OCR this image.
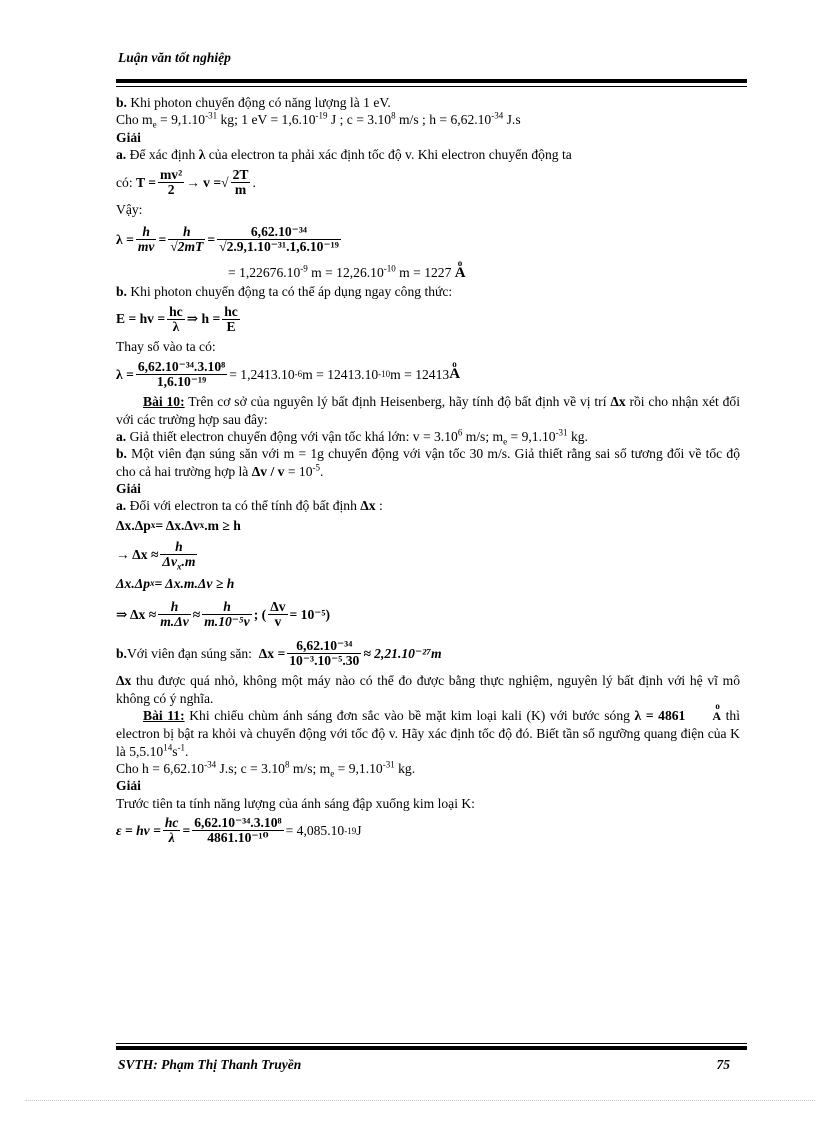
Luận văn tốt nghiệp

b. Khi photon chuyển động có năng lượng là 1 eV.

Cho $m_e = 9,1.10^{-31}$ kg; 1 eV = $1,6.10^{-19}$ J ; $c = 3.10^8$ m/s ; $h = 6,62.10^{-34}$ J.s

Giải

a. Để xác định λ của electron ta phải xác định tốc độ v. Khi electron chuyển động ta

có:
$T = \frac{\text{mv²}}{2} \to v$ = √ $\frac{2T}{m}$ .

Vậy:

$\lambda = \frac{h}{mv} = \frac{h}{√2mT} = \frac{\text{6,62.10⁻³⁴}}{\text{√2.9,1.10⁻³¹.1,6.10⁻¹⁹}}$

= $1,22676.10^{-9}$ $m = 12,26.10^{-10}$ m = 1227 o A

b. Khi photon chuyển động ta có thể áp dụng ngay công thức:

E = hv = $\frac{hc}{\lambda}$ ⇒ $h = \frac{hc}{E}$

Thay số vào ta có:

$\lambda = \frac{\text{6,62.10⁻³⁴.3.10⁸}}{\text{1,6.10⁻¹⁹}} = 1,2413.10$ -6 m = 12413.10 -10 m = 12413 o A

Bài 10: Trên cơ sở của nguyên lý bất định Heisenberg, hãy tính độ bất định về vị trí Δx rồi cho nhận xét đối với các trường hợp sau đây:

a. Giả thiết electron chuyển động với vận tốc khá lớn: $v = 3.10^6$ m/s; $m_e = 9,1.10^{-31}$ kg.

b. Một viên đạn súng săn với m = 1g chuyển động với vận tốc 30 m/s. Giả thiết rằng sai số tương đối về tốc độ cho cả hai trường hợp là $\Delta v / v = 10^{-5}$.

Giải

a. Đối với electron ta có thể tính độ bất định Δx :

Δx.Δp x = Δx.Δv x .m ≥ h
→ $\Delta x \approx \frac{h}{\Delta v_x.m}$
Δx.Δp x = Δx.m.Δv ≥ h
⇒ $\Delta x \approx \frac{h}{m.\Delta v} \approx \frac{h}{\text{m.10⁻⁵v}}$ ; ( $\frac{\Delta v}{v} = 10^{-5}$)
b. Với viên đạn súng săn:
$\Delta x = \frac{\text{6,62.10⁻³⁴}}{\text{10⁻³.10⁻⁵.30}} \approx 2,21.10^{-27}m$

Δx thu được quá nhỏ, không một máy nào có thể đo được bằng thực nghiệm, nguyên lý bất định với hệ vĩ mô không có ý nghĩa.

Bài 11: Khi chiếu chùm ánh sáng đơn sắc vào bề mặt kim loại kali (K) với bước sóng λ = 4861 o A thì electron bị bật ra khỏi và chuyển động với tốc độ v. Hãy xác định tốc độ đó. Biết tần số ngưỡng quang điện của K là $5,5.10^{14}s^{-1}$.

Cho $h = 6,62.10^{-34}$ J.s; $c = 3.10^8$ m/s; $m_e = 9,1.10^{-31}$ kg.

Giải

Trước tiên ta tính năng lượng của ánh sáng đập xuống kim loại K:

$\varepsilon = h\nu = \frac{hc}{\lambda} = \frac{\text{6,62.10⁻³⁴.3.10⁸}}{\text{4861.10⁻¹⁰}} = 4,085.10$ -19 J
SVTH: Phạm Thị Thanh Truyền	75
